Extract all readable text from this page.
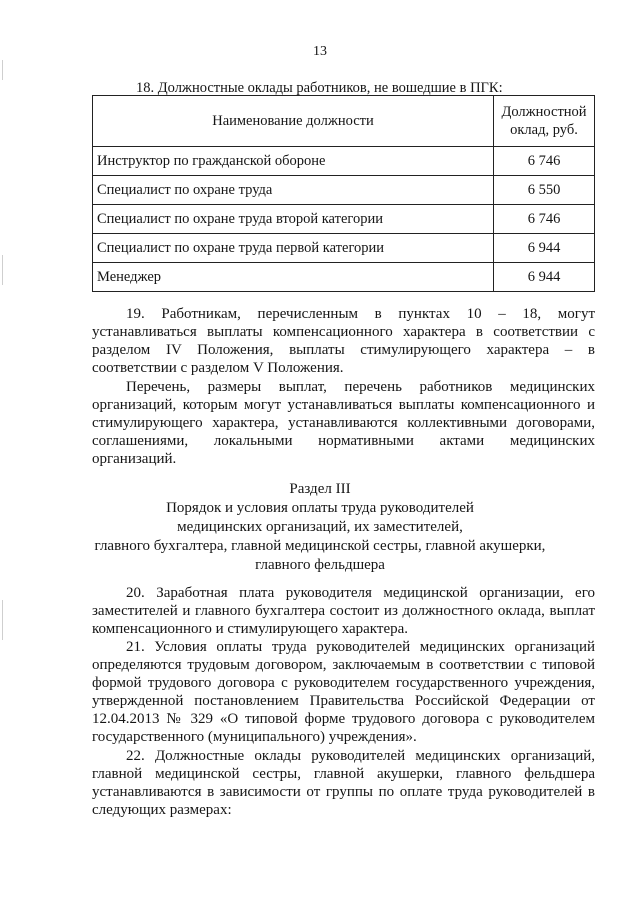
13
18. Должностные оклады работников, не вошедшие в ПГК:
Наименование должности	Должностной
оклад, руб.
Инструктор по гражданской обороне	6 746
Специалист по охране труда	6 550
Специалист по охране труда второй категории	6 746
Специалист по охране труда первой категории	6 944
Менеджер	6 944
19. Работникам, перечисленным в пунктах 10 – 18, могут
устанавливаться выплаты компенсационного характера в соответствии с
разделом IV Положения, выплаты стимулирующего характера – в
соответствии с разделом V Положения.
Перечень, размеры выплат, перечень работников медицинских
организаций, которым могут устанавливаться выплаты компенсационного и
стимулирующего характера, устанавливаются коллективными договорами,
соглашениями, локальными нормативными актами медицинских
организаций.
Раздел III
Порядок и условия оплаты труда руководителей
медицинских организаций, их заместителей,
главного бухгалтера, главной медицинской сестры, главной акушерки,
главного фельдшера
20. Заработная плата руководителя медицинской организации, его
заместителей и главного бухгалтера состоит из должностного оклада, выплат
компенсационного и стимулирующего характера.
21. Условия оплаты труда руководителей медицинских организаций
определяются трудовым договором, заключаемым в соответствии с типовой
формой трудового договора с руководителем государственного учреждения,
утвержденной постановлением Правительства Российской Федерации от
12.04.2013 № 329 «О типовой форме трудового договора с руководителем
государственного (муниципального) учреждения».
22. Должностные оклады руководителей медицинских организаций,
главной медицинской сестры, главной акушерки, главного фельдшера
устанавливаются в зависимости от группы по оплате труда руководителей в
следующих размерах:
